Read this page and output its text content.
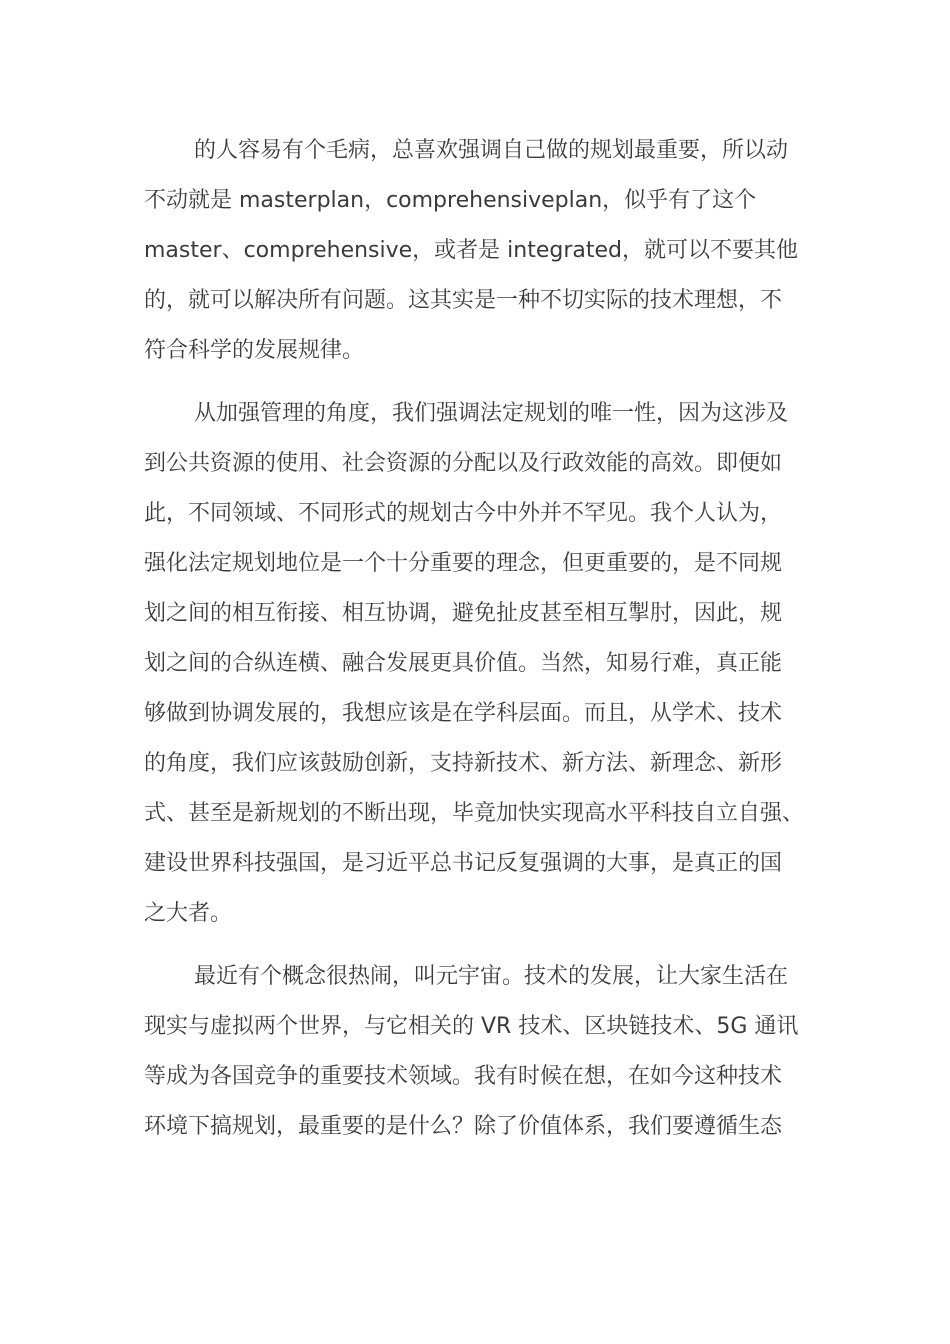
的人容易有个毛病，总喜欢强调自己做的规划最重要，所以动
不动就是 masterplan，comprehensiveplan，似乎有了这个
master、comprehensive，或者是 integrated，就可以不要其他
的，就可以解决所有问题。这其实是一种不切实际的技术理想，不
符合科学的发展规律。
从加强管理的角度，我们强调法定规划的唯一性，因为这涉及
到公共资源的使用、社会资源的分配以及行政效能的高效。即便如
此，不同领域、不同形式的规划古今中外并不罕见。我个人认为，
强化法定规划地位是一个十分重要的理念，但更重要的，是不同规
划之间的相互衔接、相互协调，避免扯皮甚至相互掣肘，因此，规
划之间的合纵连横、融合发展更具价值。当然，知易行难，真正能
够做到协调发展的，我想应该是在学科层面。而且，从学术、技术
的角度，我们应该鼓励创新，支持新技术、新方法、新理念、新形
式、甚至是新规划的不断出现，毕竟加快实现高水平科技自立自强、
建设世界科技强国，是习近平总书记反复强调的大事，是真正的国
之大者。
最近有个概念很热闹，叫元宇宙。技术的发展，让大家生活在
现实与虚拟两个世界，与它相关的 VR 技术、区块链技术、5G 通讯
等成为各国竞争的重要技术领域。我有时候在想，在如今这种技术
环境下搞规划，最重要的是什么？除了价值体系，我们要遵循生态
